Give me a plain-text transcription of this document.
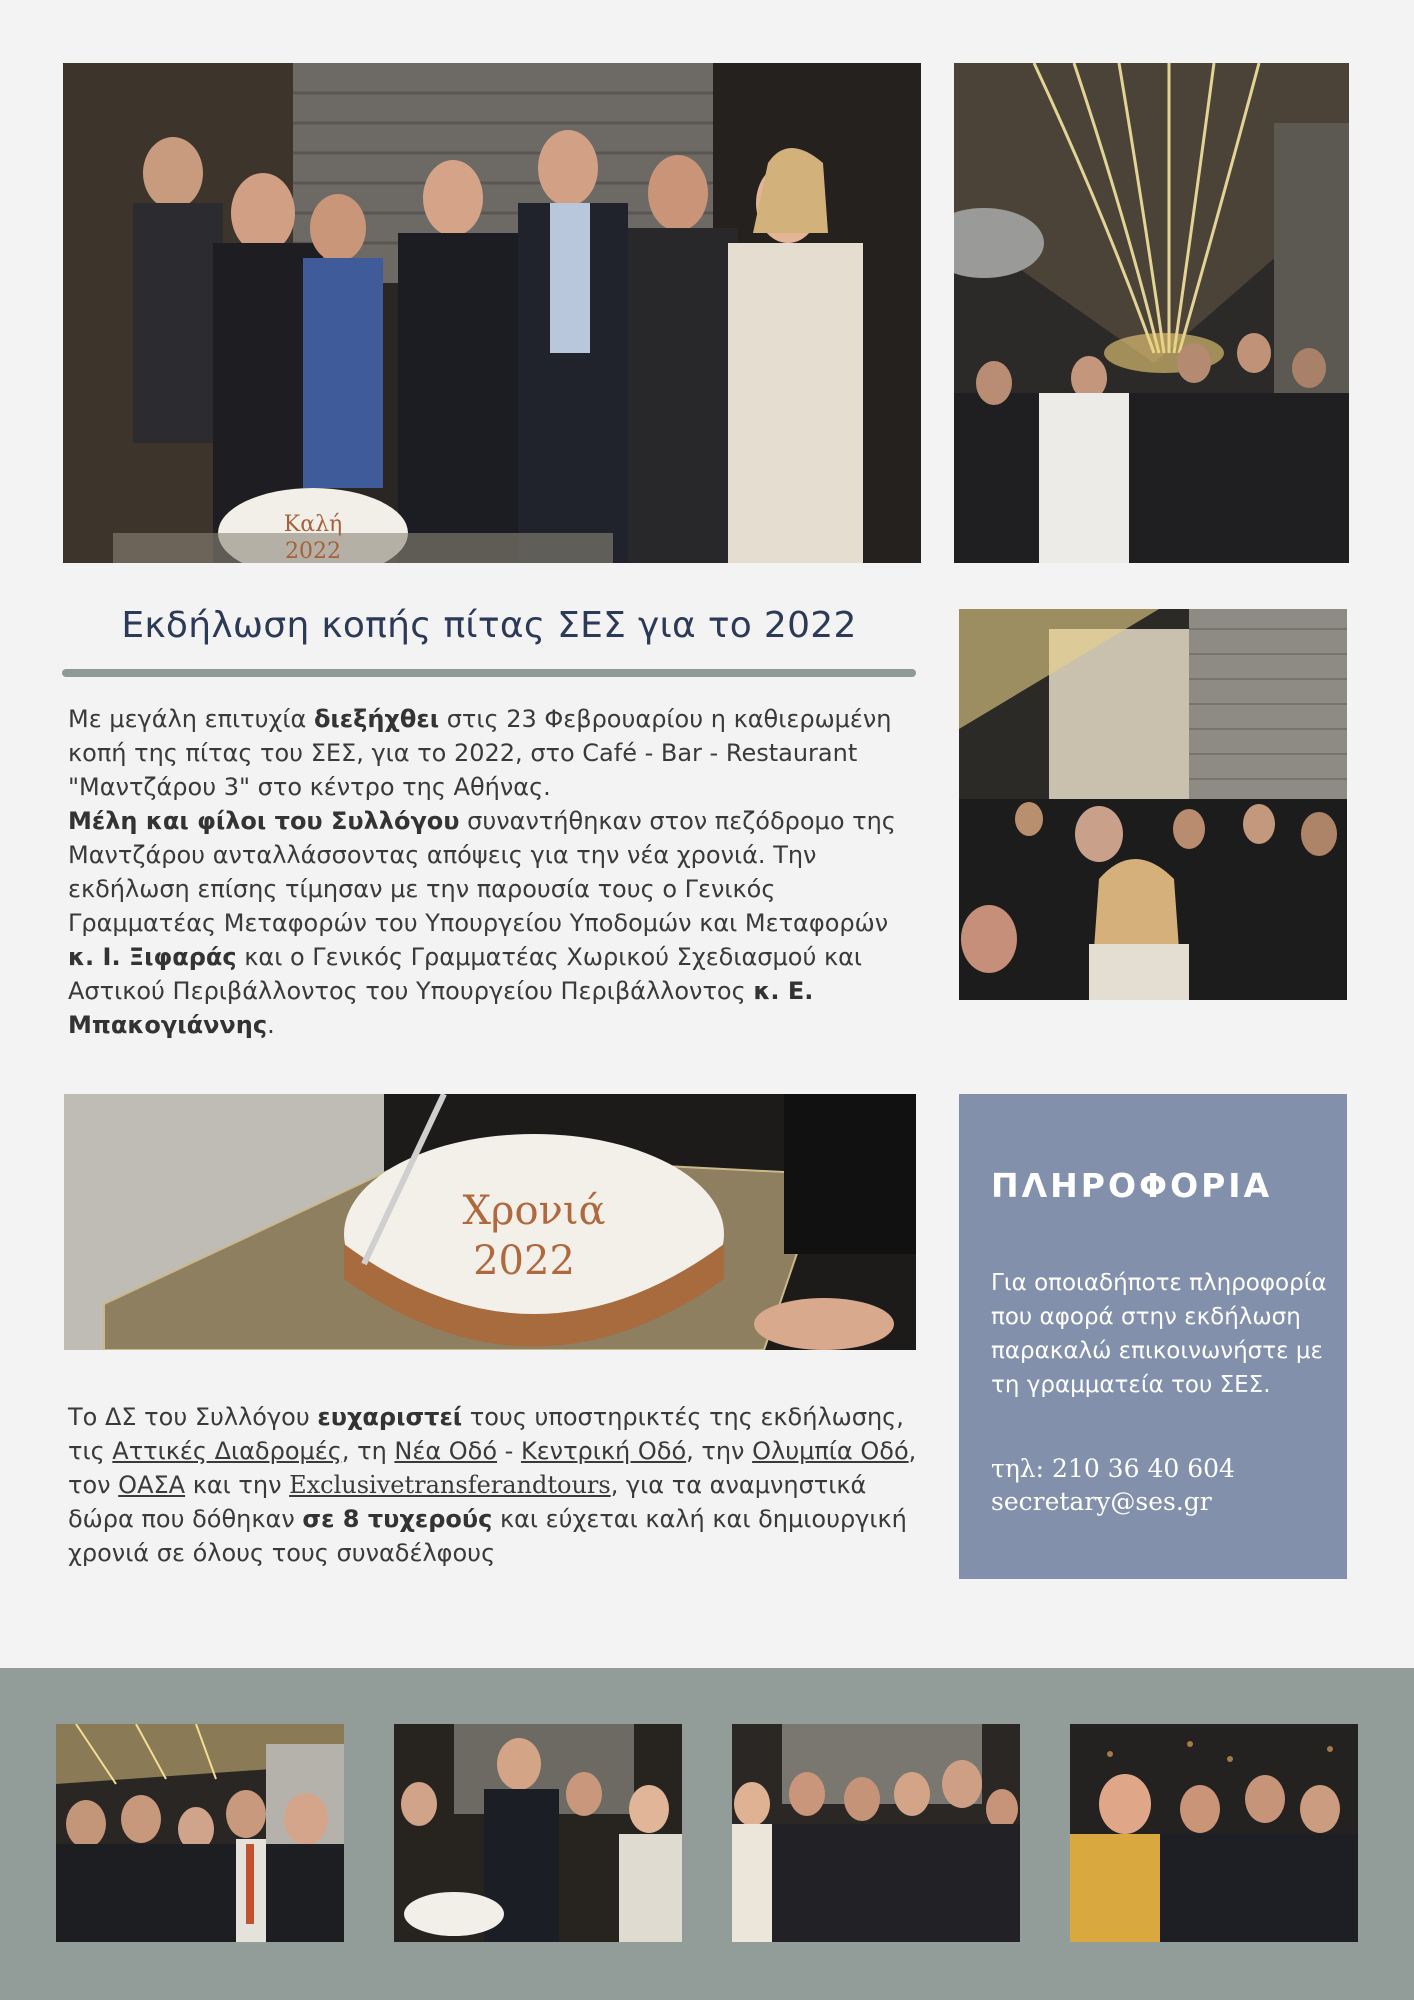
Καλή
2022
Εκδήλωση κοπής πίτας ΣΕΣ για το 2022

Με μεγάλη επιτυχία διεξήχθει στις 23 Φεβρουαρίου η καθιερωμένη κοπή της πίτας του ΣΕΣ, για το 2022, στο Café - Bar - Restaurant "Μαντζάρου 3" στο κέντρο της Αθήνας.
Μέλη και φίλοι του Συλλόγου συναντήθηκαν στον πεζόδρομο της Μαντζάρου ανταλλάσσοντας απόψεις για την νέα χρονιά. Την εκδήλωση επίσης τίμησαν με την παρουσία τους ο Γενικός Γραμματέας Μεταφορών του Υπουργείου Υποδομών και Μεταφορών κ. Ι. Ξιφαράς και ο Γενικός Γραμματέας Χωρικού Σχεδιασμού και Αστικού Περιβάλλοντος του Υπουργείου Περιβάλλοντος κ. Ε. Μπακογιάννης.

Χρονιά
2022

Το ΔΣ του Συλλόγου ευχαριστεί τους υποστηρικτές της εκδήλωσης, τις Αττικές Διαδρομές, τη Νέα Οδό - Κεντρική Οδό, την Ολυμπία Οδό, τον ΟΑΣΑ και την Exclusivetransferandtours, για τα αναμνηστικά δώρα που δόθηκαν σε 8 τυχερούς και εύχεται καλή και δημιουργική χρονιά σε όλους τους συναδέλφους

ΠΛΗΡΟΦΟΡΙΑ

Για οποιαδήποτε πληροφορία που αφορά στην εκδήλωση παρακαλώ επικοινωνήστε με τη γραμματεία του ΣΕΣ.

τηλ: 210 36 40 604

secretary@ses.gr
